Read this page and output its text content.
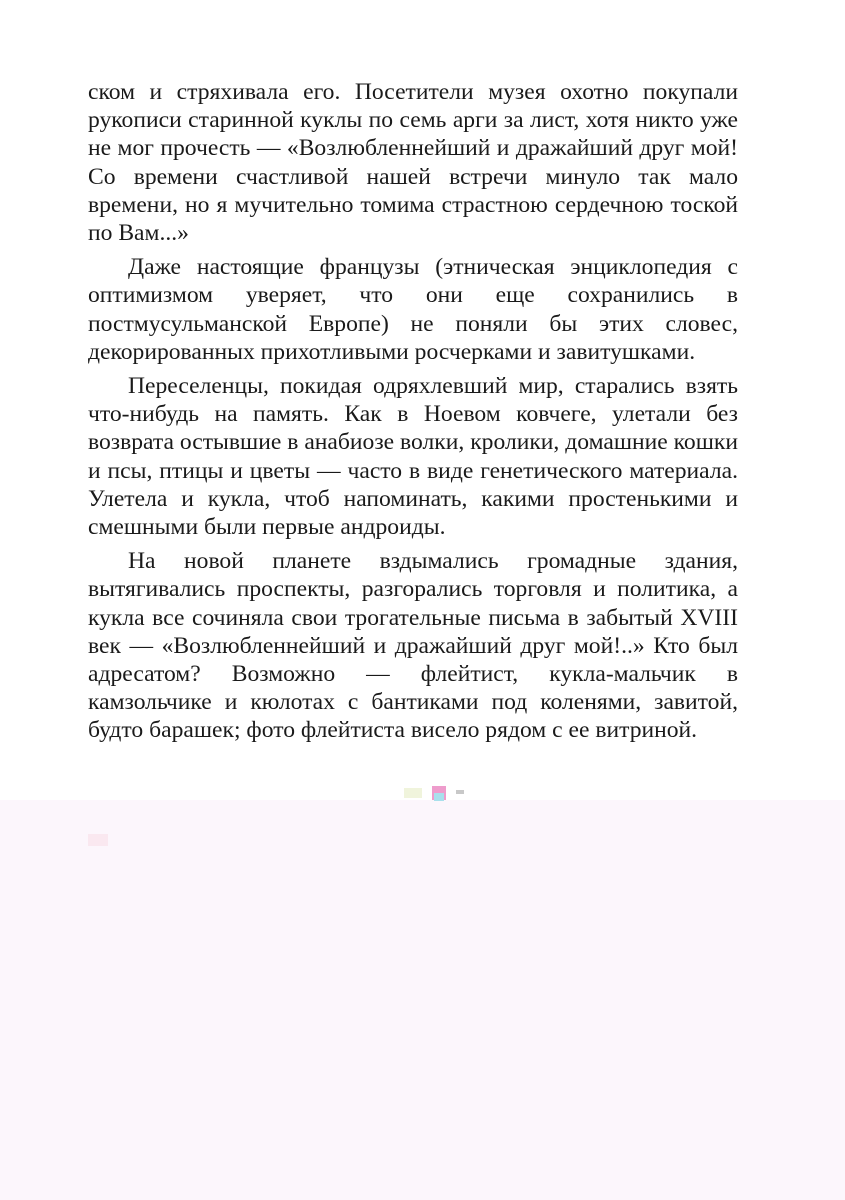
ском и стряхивала его. Посетители музея охотно покупали рукописи старинной куклы по семь арги за лист, хотя никто уже не мог прочесть — «Возлюбленнейший и дражайший друг мой! Со времени счастливой нашей встречи минуло так мало времени, но я мучительно томима страстною сердечною тоской по Вам...»

Даже настоящие французы (этническая энциклопедия с оптимизмом уверяет, что они еще сохранились в постмусульманской Европе) не поняли бы этих словес, декорированных прихотливыми росчерками и завитушками.

Переселенцы, покидая одряхлевший мир, старались взять что-нибудь на память. Как в Ноевом ковчеге, улетали без возврата остывшие в анабиозе волки, кролики, домашние кошки и псы, птицы и цветы — часто в виде генетического материала. Улетела и кукла, чтоб напоминать, какими простенькими и смешными были первые андроиды.

На новой планете вздымались громадные здания, вытягивались проспекты, разгорались торговля и политика, а кукла все сочиняла свои трогательные письма в забытый XVIII век — «Возлюбленнейший и дражайший друг мой!..» Кто был адресатом? Возможно — флейтист, кукла-мальчик в камзольчике и кюлотах с бантиками под коленями, завитой, будто барашек; фото флейтиста висело рядом с ее витриной.
